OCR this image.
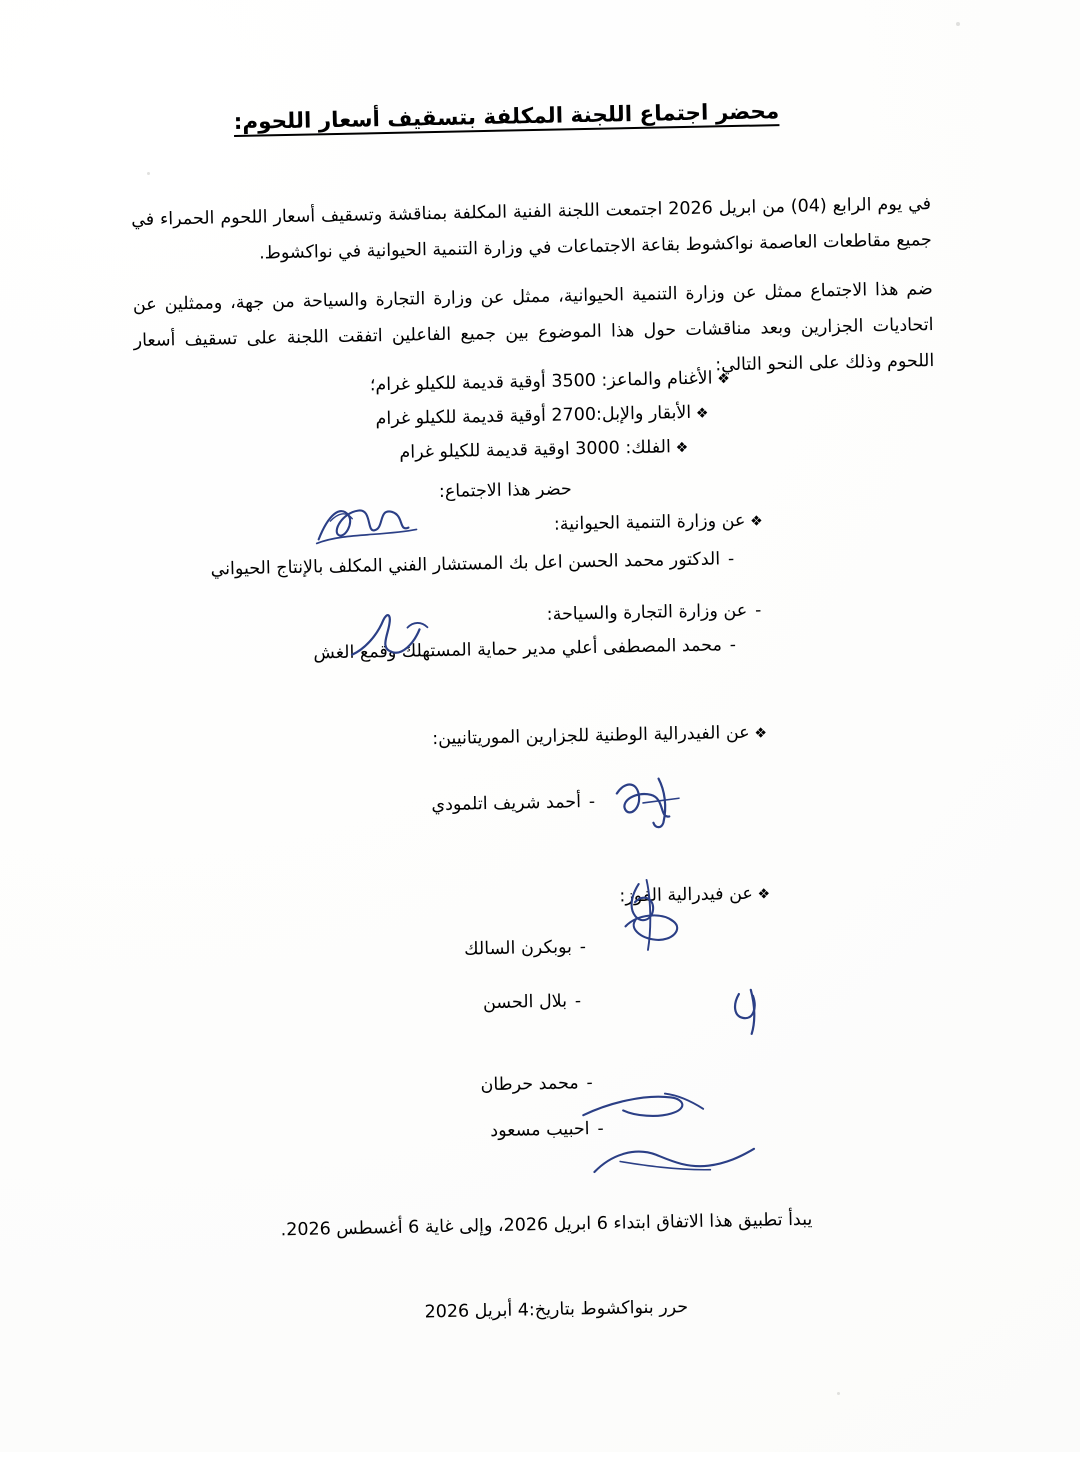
محضر اجتماع اللجنة المكلفة بتسقيف أسعار اللحوم:
في يوم الرابع (04) من ابريل 2026 اجتمعت اللجنة الفنية المكلفة بمناقشة وتسقيف أسعار اللحوم الحمراء في جميع مقاطعات العاصمة نواكشوط بقاعة الاجتماعات في وزارة التنمية الحيوانية في نواكشوط.
ضم هذا الاجتماع ممثل عن وزارة التنمية الحيوانية، ممثل عن وزارة التجارة والسياحة من جهة، وممثلين عن اتحاديات الجزارين وبعد مناقشات حول هذا الموضوع بين جميع الفاعلين اتفقت اللجنة على تسقيف أسعار اللحوم وذلك على النحو التالي:
❖
الأغنام والماعز: 3500 أوقية قديمة للكيلو غرام؛
❖
الأبقار والإبل:2700 أوقية قديمة للكيلو غرام
❖
الفلك: 3000 اوقية قديمة للكيلو غرام
حضر هذا الاجتماع:
❖
عن وزارة التنمية الحيوانية:
-
الدكتور محمد الحسن اعل بك المستشار الفني المكلف بالإنتاج الحيواني
-
عن وزارة التجارة والسياحة:
-
محمد المصطفى أعلي مدير حماية المستهلك وقمع الغش
❖
عن الفيدرالية الوطنية للجزارين الموريتانيين:
-
أحمد شريف اتلمودي
❖
عن فيدرالية الفوز:
-
بوبكرن السالك
-
بلال الحسن
-
محمد حرطان
-
احبيب مسعود
يبدأ تطبيق هذا الاتفاق ابتداء 6 ابريل 2026، وإلى غاية 6 أغسطس 2026.
حرر بنواكشوط بتاريخ:4 أبريل 2026
